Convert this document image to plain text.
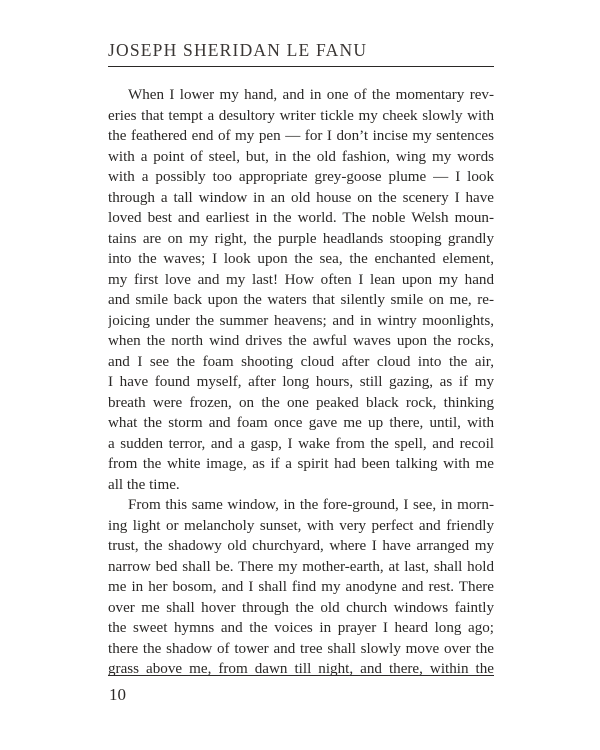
JOSEPH SHERIDAN LE FANU
When I lower my hand, and in one of the momentary rev-
eries that tempt a desultory writer tickle my cheek slowly with
the feathered end of my pen — for I don’t incise my sentences
with a point of steel, but, in the old fashion, wing my words
with a possibly too appropriate grey-goose plume — I look
through a tall window in an old house on the scenery I have
loved best and earliest in the world. The noble Welsh moun-
tains are on my right, the purple headlands stooping grandly
into the waves; I look upon the sea, the enchanted element,
my first love and my last! How often I lean upon my hand
and smile back upon the waters that silently smile on me, re-
joicing under the summer heavens; and in wintry moonlights,
when the north wind drives the awful waves upon the rocks,
and I see the foam shooting cloud after cloud into the air,
I have found myself, after long hours, still gazing, as if my
breath were frozen, on the one peaked black rock, thinking
what the storm and foam once gave me up there, until, with
a sudden terror, and a gasp, I wake from the spell, and recoil
from the white image, as if a spirit had been talking with me
all the time.
From this same window, in the fore-ground, I see, in morn-
ing light or melancholy sunset, with very perfect and friendly
trust, the shadowy old churchyard, where I have arranged my
narrow bed shall be. There my mother-earth, at last, shall hold
me in her bosom, and I shall find my anodyne and rest. There
over me shall hover through the old church windows faintly
the sweet hymns and the voices in prayer I heard long ago;
there the shadow of tower and tree shall slowly move over the
grass above me, from dawn till night, and there, within the
10
